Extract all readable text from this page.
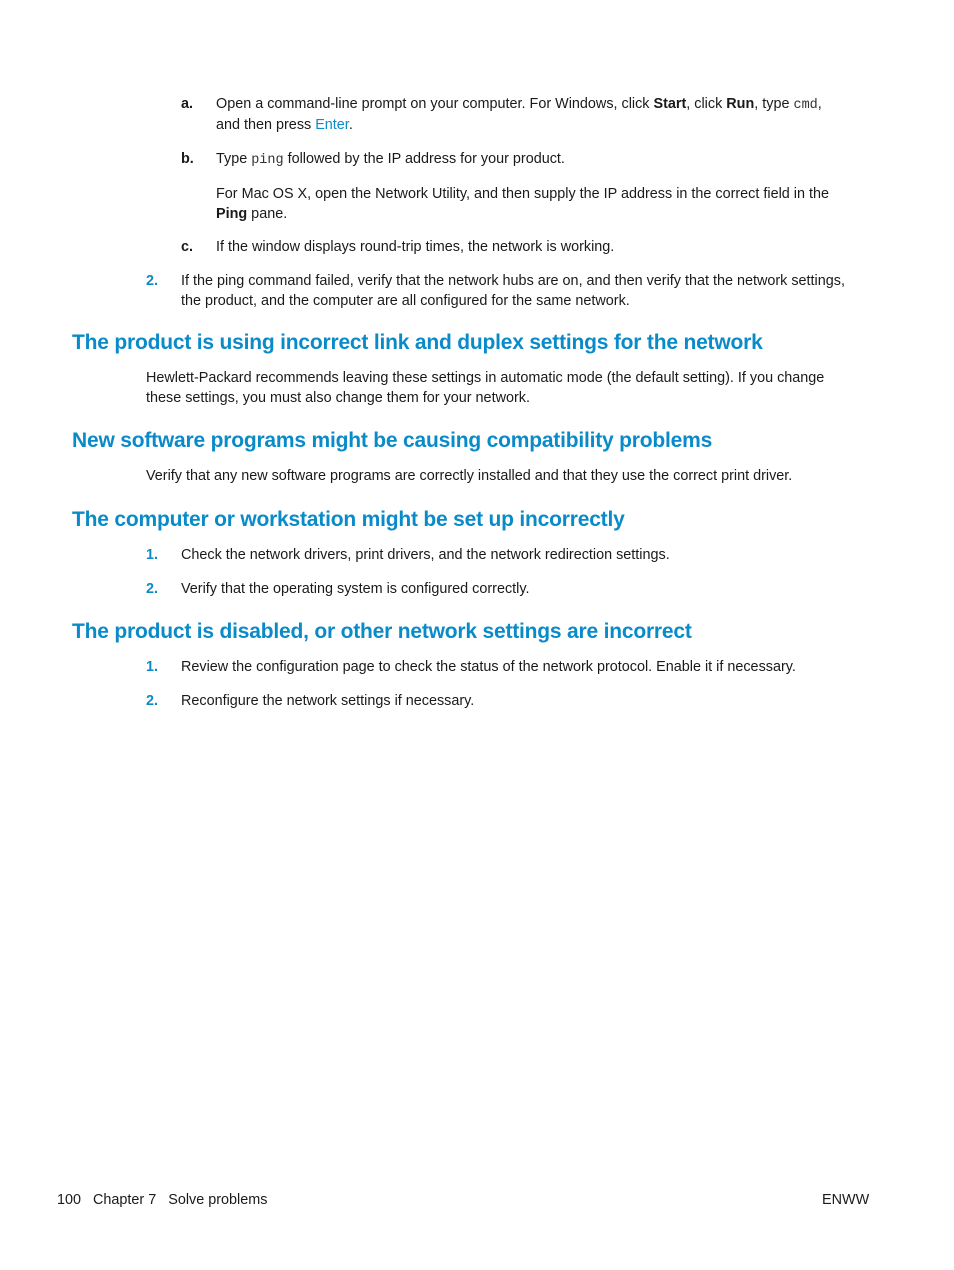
a. Open a command-line prompt on your computer. For Windows, click Start, click Run, type cmd,
and then press Enter.
b. Type ping followed by the IP address for your product.
For Mac OS X, open the Network Utility, and then supply the IP address in the correct field in the
Ping pane.
c. If the window displays round-trip times, the network is working.
2. If the ping command failed, verify that the network hubs are on, and then verify that the network settings, the product, and the computer are all configured for the same network.
The product is using incorrect link and duplex settings for the network
Hewlett-Packard recommends leaving these settings in automatic mode (the default setting). If you change these settings, you must also change them for your network.
New software programs might be causing compatibility problems
Verify that any new software programs are correctly installed and that they use the correct print driver.
The computer or workstation might be set up incorrectly
1. Check the network drivers, print drivers, and the network redirection settings.
2. Verify that the operating system is configured correctly.
The product is disabled, or other network settings are incorrect
1. Review the configuration page to check the status of the network protocol. Enable it if necessary.
2. Reconfigure the network settings if necessary.
100 Chapter 7 Solve problems	ENWW
